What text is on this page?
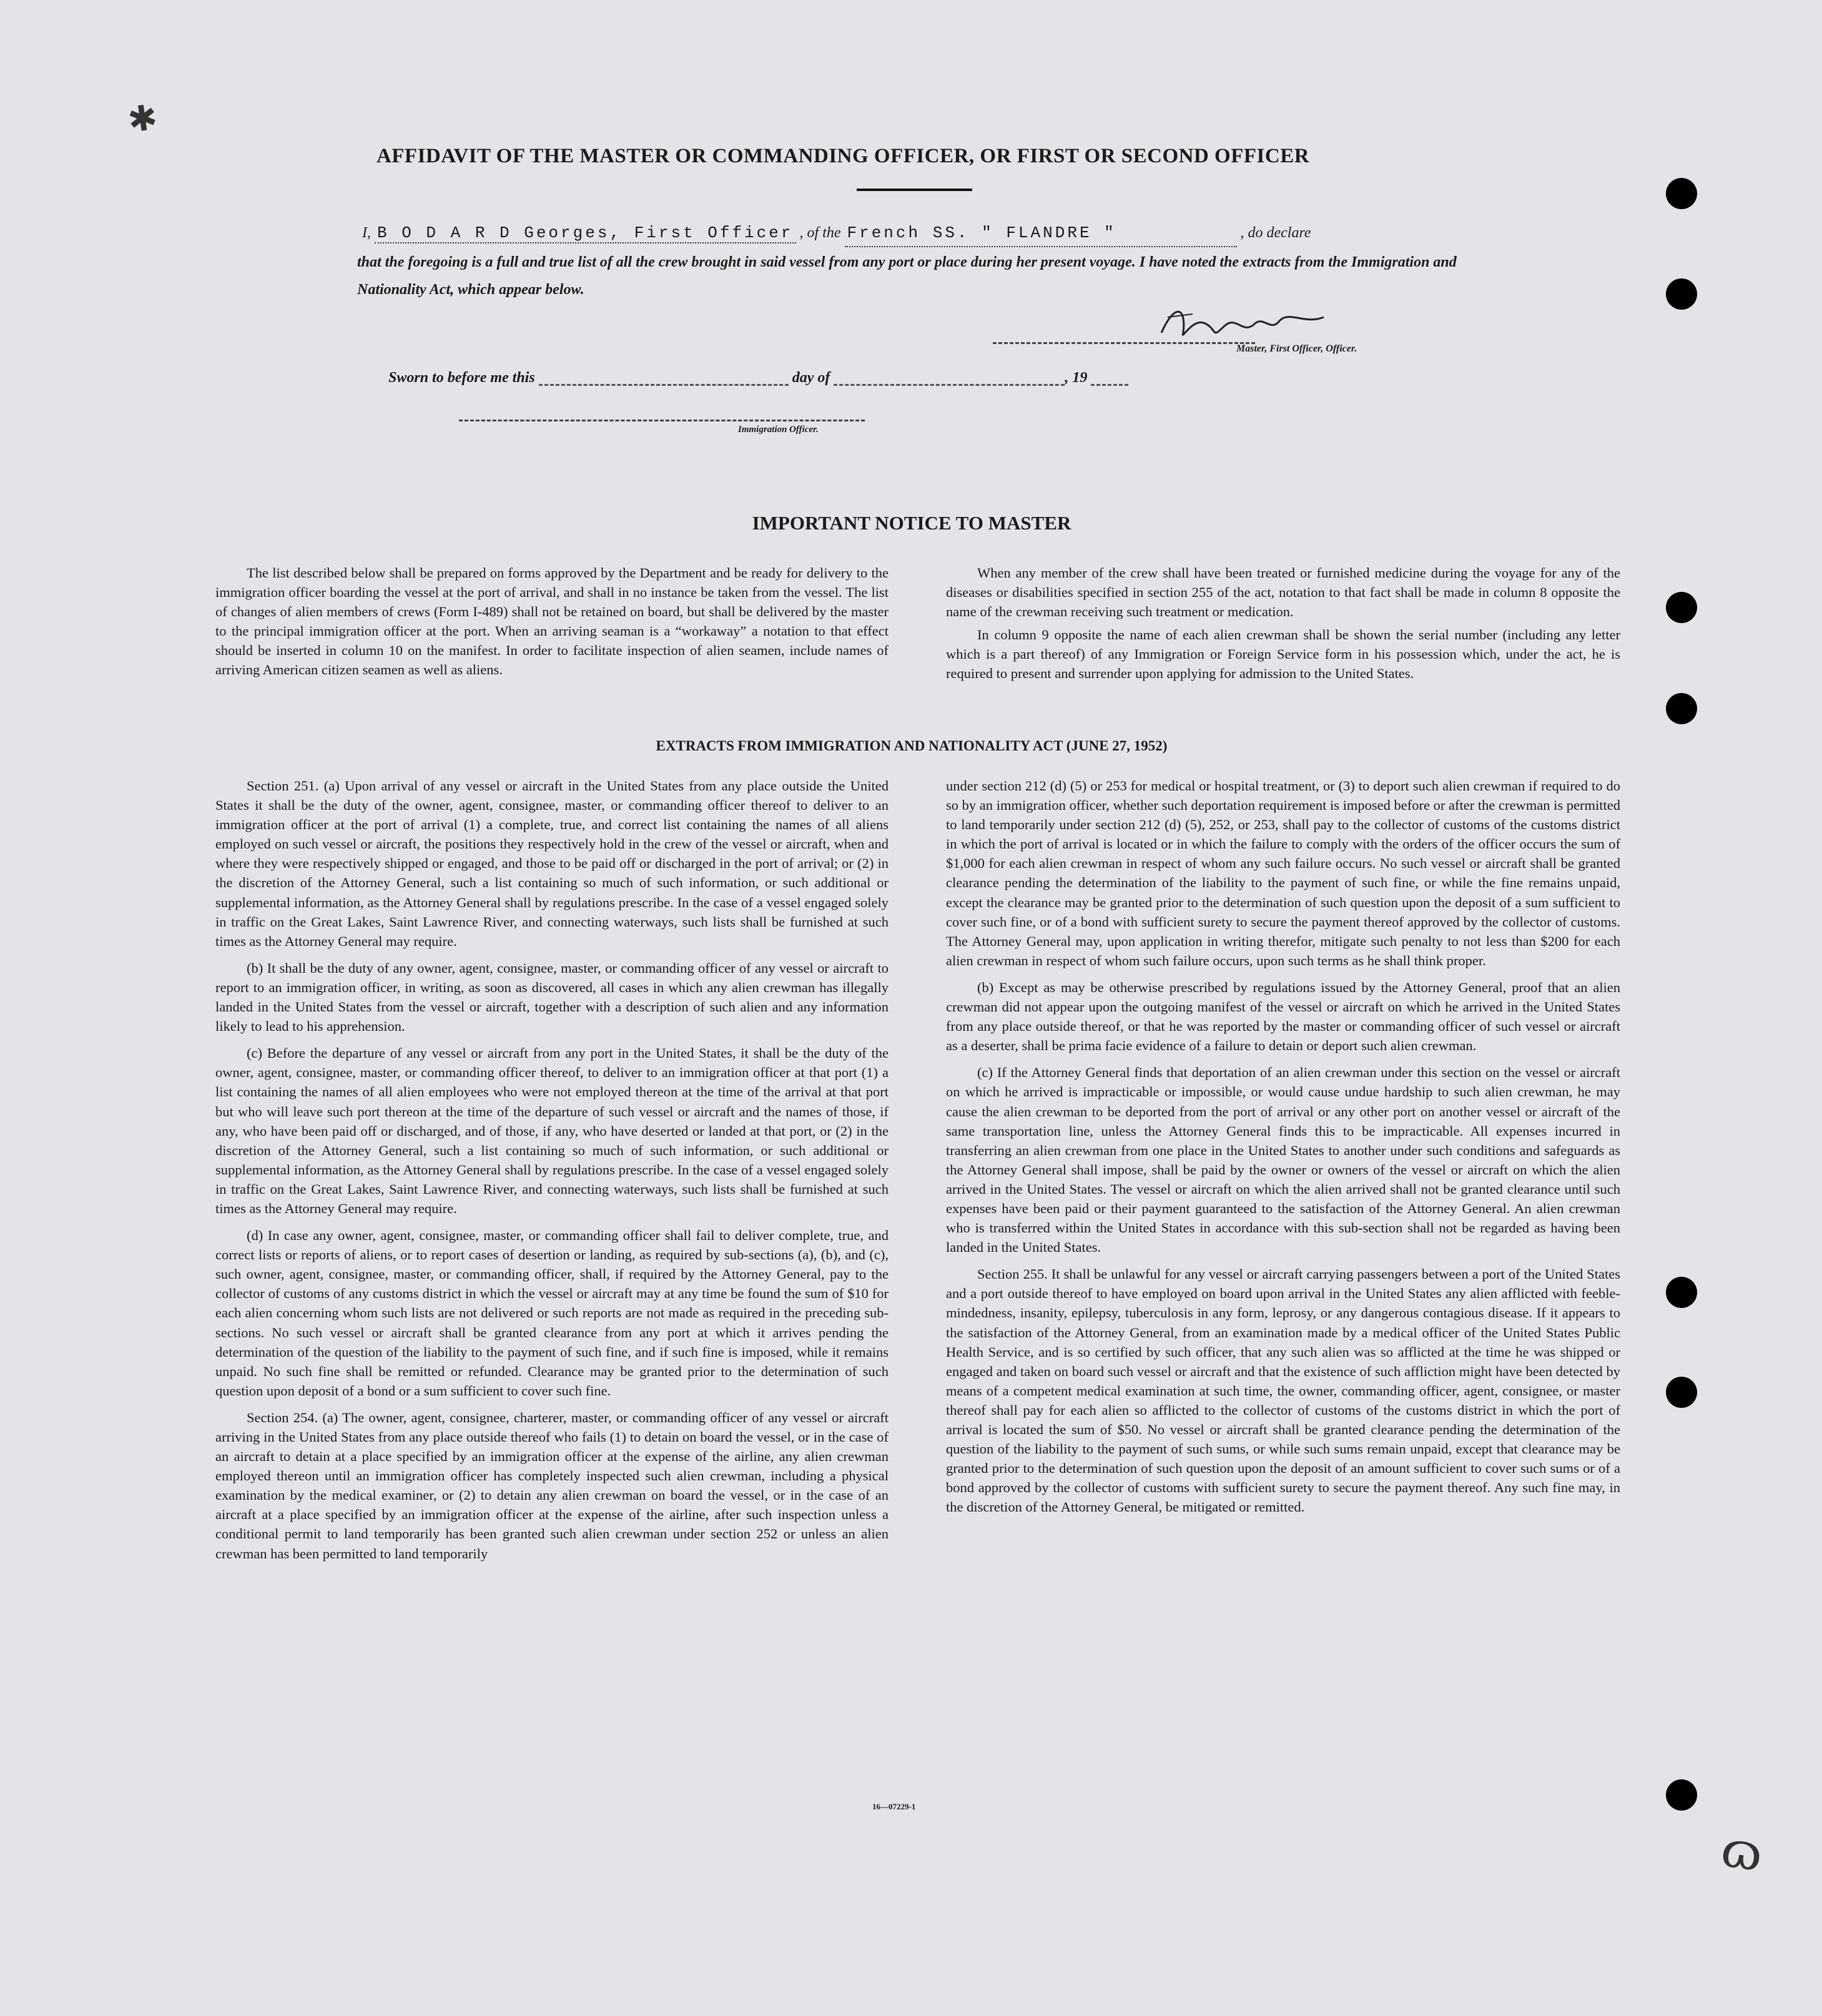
✱
AFFIDAVIT OF THE MASTER OR COMMANDING OFFICER, OR FIRST OR SECOND OFFICER
I, B O D A R D Georges, First Officer , of the French SS. " FLANDRE "	, do declare
that the foregoing is a full and true list of all the crew brought in said vessel from any port or place during her present voyage. I have noted the extracts from the Immigration and Nationality Act, which appear below.
Master, First Officer, Officer.
Sworn to before me this	day of	, 19
Immigration Officer.
IMPORTANT NOTICE TO MASTER

The list described below shall be prepared on forms approved by the Department and be ready for delivery to the immigration officer boarding the vessel at the port of arrival, and shall in no instance be taken from the vessel. The list of changes of alien members of crews (Form I-489) shall not be retained on board, but shall be delivered by the master to the principal immigration officer at the port. When an arriving seaman is a “workaway” a notation to that effect should be inserted in column 10 on the manifest. In order to facilitate inspection of alien seamen, include names of arriving American citizen seamen as well as aliens.

When any member of the crew shall have been treated or furnished medicine during the voyage for any of the diseases or disabilities specified in section 255 of the act, notation to that fact shall be made in column 8 opposite the name of the crewman receiving such treatment or medication.

In column 9 opposite the name of each alien crewman shall be shown the serial number (including any letter which is a part thereof) of any Immigration or Foreign Service form in his possession which, under the act, he is required to present and surrender upon applying for admission to the United States.

EXTRACTS FROM IMMIGRATION AND NATIONALITY ACT (JUNE 27, 1952)

Section 251. (a) Upon arrival of any vessel or aircraft in the United States from any place outside the United States it shall be the duty of the owner, agent, consignee, master, or commanding officer thereof to deliver to an immigration officer at the port of arrival (1) a complete, true, and correct list containing the names of all aliens employed on such vessel or aircraft, the positions they respectively hold in the crew of the vessel or aircraft, when and where they were respectively shipped or engaged, and those to be paid off or discharged in the port of arrival; or (2) in the discretion of the Attorney General, such a list containing so much of such information, or such additional or supplemental information, as the Attorney General shall by regulations prescribe. In the case of a vessel engaged solely in traffic on the Great Lakes, Saint Lawrence River, and connecting waterways, such lists shall be furnished at such times as the Attorney General may require.

(b) It shall be the duty of any owner, agent, consignee, master, or commanding officer of any vessel or aircraft to report to an immigration officer, in writing, as soon as discovered, all cases in which any alien crewman has illegally landed in the United States from the vessel or aircraft, together with a description of such alien and any information likely to lead to his apprehension.

(c) Before the departure of any vessel or aircraft from any port in the United States, it shall be the duty of the owner, agent, consignee, master, or commanding officer thereof, to deliver to an immigration officer at that port (1) a list containing the names of all alien employees who were not employed thereon at the time of the arrival at that port but who will leave such port thereon at the time of the departure of such vessel or aircraft and the names of those, if any, who have been paid off or discharged, and of those, if any, who have deserted or landed at that port, or (2) in the discretion of the Attorney General, such a list containing so much of such information, or such additional or supplemental information, as the Attorney General shall by regulations prescribe. In the case of a vessel engaged solely in traffic on the Great Lakes, Saint Lawrence River, and connecting waterways, such lists shall be furnished at such times as the Attorney General may require.

(d) In case any owner, agent, consignee, master, or commanding officer shall fail to deliver complete, true, and correct lists or reports of aliens, or to report cases of desertion or landing, as required by sub-sections (a), (b), and (c), such owner, agent, consignee, master, or commanding officer, shall, if required by the Attorney General, pay to the collector of customs of any customs district in which the vessel or aircraft may at any time be found the sum of $10 for each alien concerning whom such lists are not delivered or such reports are not made as required in the preceding sub-sections. No such vessel or aircraft shall be granted clearance from any port at which it arrives pending the determination of the question of the liability to the payment of such fine, and if such fine is imposed, while it remains unpaid. No such fine shall be remitted or refunded. Clearance may be granted prior to the determination of such question upon deposit of a bond or a sum sufficient to cover such fine.

Section 254. (a) The owner, agent, consignee, charterer, master, or commanding officer of any vessel or aircraft arriving in the United States from any place outside thereof who fails (1) to detain on board the vessel, or in the case of an aircraft to detain at a place specified by an immigration officer at the expense of the airline, any alien crewman employed thereon until an immigration officer has completely inspected such alien crewman, including a physical examination by the medical examiner, or (2) to detain any alien crewman on board the vessel, or in the case of an aircraft at a place specified by an immigration officer at the expense of the airline, after such inspection unless a conditional permit to land temporarily has been granted such alien crewman under section 252 or unless an alien crewman has been permitted to land temporarily

under section 212 (d) (5) or 253 for medical or hospital treatment, or (3) to deport such alien crewman if required to do so by an immigration officer, whether such deportation requirement is imposed before or after the crewman is permitted to land temporarily under section 212 (d) (5), 252, or 253, shall pay to the collector of customs of the customs district in which the port of arrival is located or in which the failure to comply with the orders of the officer occurs the sum of $1,000 for each alien crewman in respect of whom any such failure occurs. No such vessel or aircraft shall be granted clearance pending the determination of the liability to the payment of such fine, or while the fine remains unpaid, except the clearance may be granted prior to the determination of such question upon the deposit of a sum sufficient to cover such fine, or of a bond with sufficient surety to secure the payment thereof approved by the collector of customs. The Attorney General may, upon application in writing therefor, mitigate such penalty to not less than $200 for each alien crewman in respect of whom such failure occurs, upon such terms as he shall think proper.

(b) Except as may be otherwise prescribed by regulations issued by the Attorney General, proof that an alien crewman did not appear upon the outgoing manifest of the vessel or aircraft on which he arrived in the United States from any place outside thereof, or that he was reported by the master or commanding officer of such vessel or aircraft as a deserter, shall be prima facie evidence of a failure to detain or deport such alien crewman.

(c) If the Attorney General finds that deportation of an alien crewman under this section on the vessel or aircraft on which he arrived is impracticable or impossible, or would cause undue hardship to such alien crewman, he may cause the alien crewman to be deported from the port of arrival or any other port on another vessel or aircraft of the same transportation line, unless the Attorney General finds this to be impracticable. All expenses incurred in transferring an alien crewman from one place in the United States to another under such conditions and safeguards as the Attorney General shall impose, shall be paid by the owner or owners of the vessel or aircraft on which the alien arrived in the United States. The vessel or aircraft on which the alien arrived shall not be granted clearance until such expenses have been paid or their payment guaranteed to the satisfaction of the Attorney General. An alien crewman who is transferred within the United States in accordance with this sub-section shall not be regarded as having been landed in the United States.

Section 255. It shall be unlawful for any vessel or aircraft carrying passengers between a port of the United States and a port outside thereof to have employed on board upon arrival in the United States any alien afflicted with feeble-mindedness, insanity, epilepsy, tuberculosis in any form, leprosy, or any dangerous contagious disease. If it appears to the satisfaction of the Attorney General, from an examination made by a medical officer of the United States Public Health Service, and is so certified by such officer, that any such alien was so afflicted at the time he was shipped or engaged and taken on board such vessel or aircraft and that the existence of such affliction might have been detected by means of a competent medical examination at such time, the owner, commanding officer, agent, consignee, or master thereof shall pay for each alien so afflicted to the collector of customs of the customs district in which the port of arrival is located the sum of $50. No vessel or aircraft shall be granted clearance pending the determination of the question of the liability to the payment of such sums, or while such sums remain unpaid, except that clearance may be granted prior to the determination of such question upon the deposit of an amount sufficient to cover such sums or of a bond approved by the collector of customs with sufficient surety to secure the payment thereof. Any such fine may, in the discretion of the Attorney General, be mitigated or remitted.

16—07229-1
ɷ
